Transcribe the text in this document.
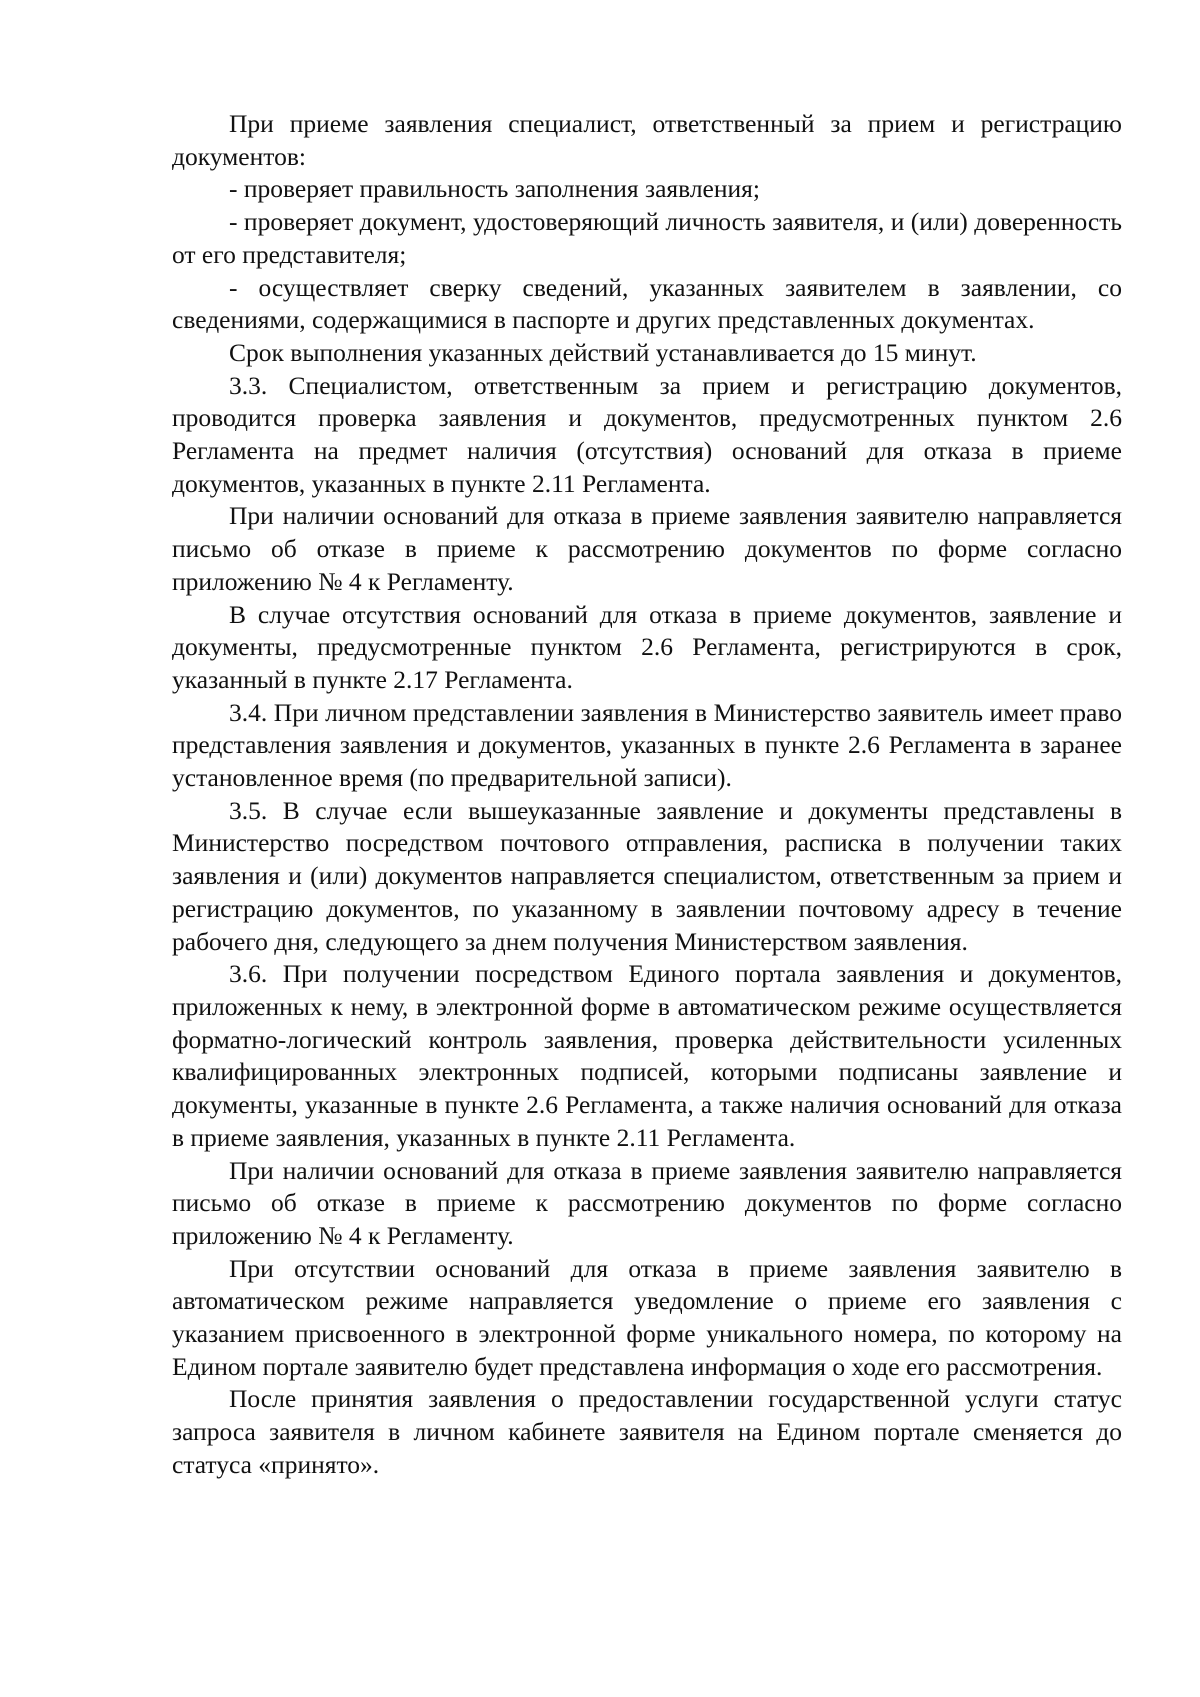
При приеме заявления специалист, ответственный за прием и регистрацию документов:

- проверяет правильность заполнения заявления;

- проверяет документ, удостоверяющий личность заявителя, и (или) доверенность от его представителя;

- осуществляет сверку сведений, указанных заявителем в заявлении, со сведениями, содержащимися в паспорте и других представленных документах.

Срок выполнения указанных действий устанавливается до 15 минут.

3.3. Специалистом, ответственным за прием и регистрацию документов, проводится проверка заявления и документов, предусмотренных пунктом 2.6 Регламента на предмет наличия (отсутствия) оснований для отказа в приеме документов, указанных в пункте 2.11 Регламента.

При наличии оснований для отказа в приеме заявления заявителю направляется письмо об отказе в приеме к рассмотрению документов по форме согласно приложению № 4 к Регламенту.

В случае отсутствия оснований для отказа в приеме документов, заявление и документы, предусмотренные пунктом 2.6 Регламента, регистрируются в срок, указанный в пункте 2.17 Регламента.

3.4. При личном представлении заявления в Министерство заявитель имеет право представления заявления и документов, указанных в пункте 2.6 Регламента в заранее установленное время (по предварительной записи).

3.5. В случае если вышеуказанные заявление и документы представлены в Министерство посредством почтового отправления, расписка в получении таких заявления и (или) документов направляется специалистом, ответственным за прием и регистрацию документов, по указанному в заявлении почтовому адресу в течение рабочего дня, следующего за днем получения Министерством заявления.

3.6. При получении посредством Единого портала заявления и документов, приложенных к нему, в электронной форме в автоматическом режиме осуществляется форматно-логический контроль заявления, проверка действительности усиленных квалифицированных электронных подписей, которыми подписаны заявление и документы, указанные в пункте 2.6 Регламента, а также наличия оснований для отказа в приеме заявления, указанных в пункте 2.11 Регламента.

При наличии оснований для отказа в приеме заявления заявителю направляется письмо об отказе в приеме к рассмотрению документов по форме согласно приложению № 4 к Регламенту.

При отсутствии оснований для отказа в приеме заявления заявителю в автоматическом режиме направляется уведомление о приеме его заявления с указанием присвоенного в электронной форме уникального номера, по которому на Едином портале заявителю будет представлена информация о ходе его рассмотрения.

После принятия заявления о предоставлении государственной услуги статус запроса заявителя в личном кабинете заявителя на Едином портале сменяется до статуса «принято».
